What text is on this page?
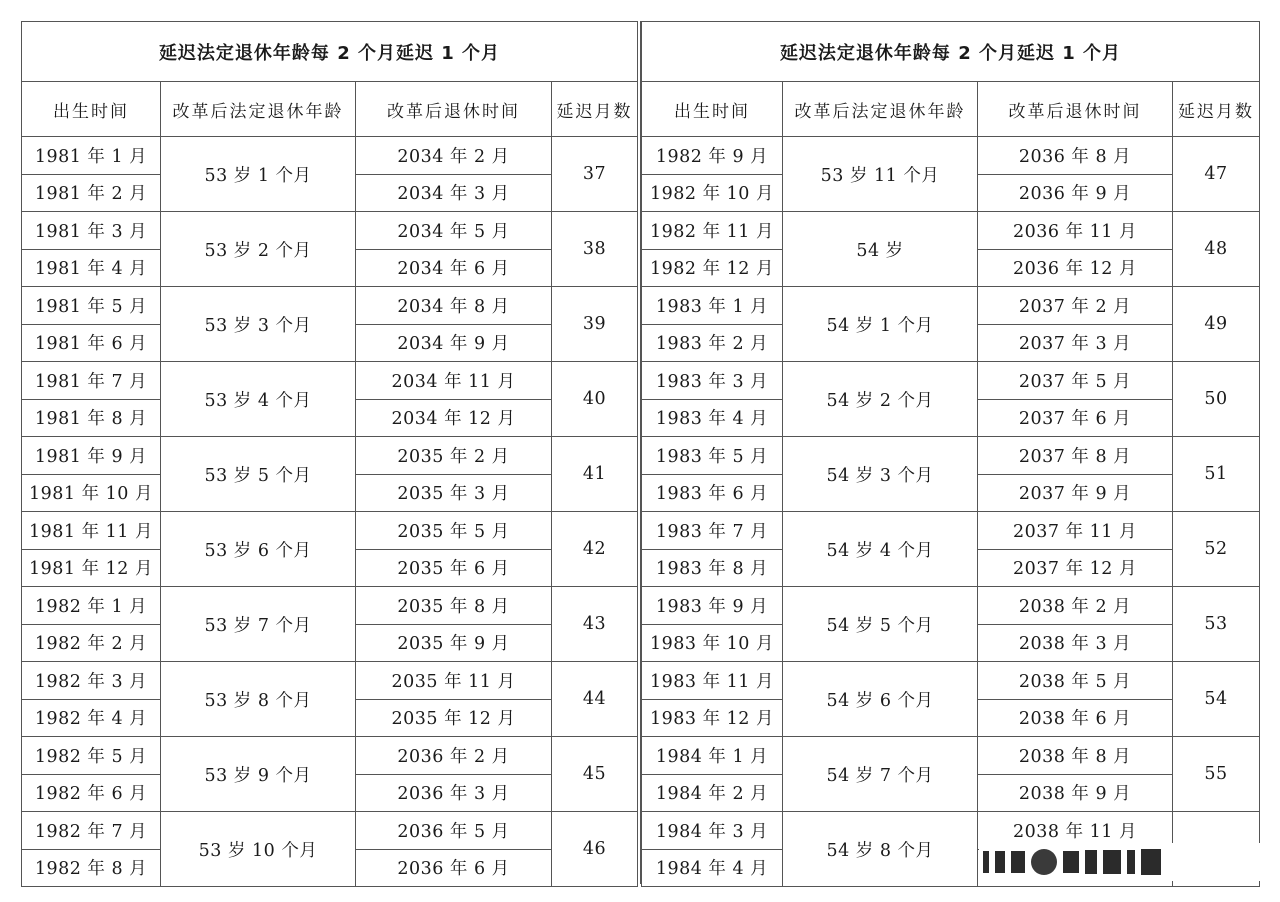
延迟法定退休年龄每 2 个月延迟 1 个月			
出生时间	改革后法定退休年龄	改革后退休时间	延迟月数
1981 年 1 月	53 岁 1 个月	2034 年 2 月	37
1981 年 2 月		2034 年 3 月	
1981 年 3 月	53 岁 2 个月	2034 年 5 月	38
1981 年 4 月		2034 年 6 月	
1981 年 5 月	53 岁 3 个月	2034 年 8 月	39
1981 年 6 月		2034 年 9 月	
1981 年 7 月	53 岁 4 个月	2034 年 11 月	40
1981 年 8 月		2034 年 12 月	
1981 年 9 月	53 岁 5 个月	2035 年 2 月	41
1981 年 10 月		2035 年 3 月	
1981 年 11 月	53 岁 6 个月	2035 年 5 月	42
1981 年 12 月		2035 年 6 月	
1982 年 1 月	53 岁 7 个月	2035 年 8 月	43
1982 年 2 月		2035 年 9 月	
1982 年 3 月	53 岁 8 个月	2035 年 11 月	44
1982 年 4 月		2035 年 12 月	
1982 年 5 月	53 岁 9 个月	2036 年 2 月	45
1982 年 6 月		2036 年 3 月	
1982 年 7 月	53 岁 10 个月	2036 年 5 月	46
1982 年 8 月		2036 年 6 月	
延迟法定退休年龄每 2 个月延迟 1 个月			
出生时间	改革后法定退休年龄	改革后退休时间	延迟月数
1982 年 9 月	53 岁 11 个月	2036 年 8 月	47
1982 年 10 月		2036 年 9 月	
1982 年 11 月	54 岁	2036 年 11 月	48
1982 年 12 月		2036 年 12 月	
1983 年 1 月	54 岁 1 个月	2037 年 2 月	49
1983 年 2 月		2037 年 3 月	
1983 年 3 月	54 岁 2 个月	2037 年 5 月	50
1983 年 4 月		2037 年 6 月	
1983 年 5 月	54 岁 3 个月	2037 年 8 月	51
1983 年 6 月		2037 年 9 月	
1983 年 7 月	54 岁 4 个月	2037 年 11 月	52
1983 年 8 月		2037 年 12 月	
1983 年 9 月	54 岁 5 个月	2038 年 2 月	53
1983 年 10 月		2038 年 3 月	
1983 年 11 月	54 岁 6 个月	2038 年 5 月	54
1983 年 12 月		2038 年 6 月	
1984 年 1 月	54 岁 7 个月	2038 年 8 月	55
1984 年 2 月		2038 年 9 月	
1984 年 3 月	54 岁 8 个月	2038 年 11 月	
1984 年 4 月			
